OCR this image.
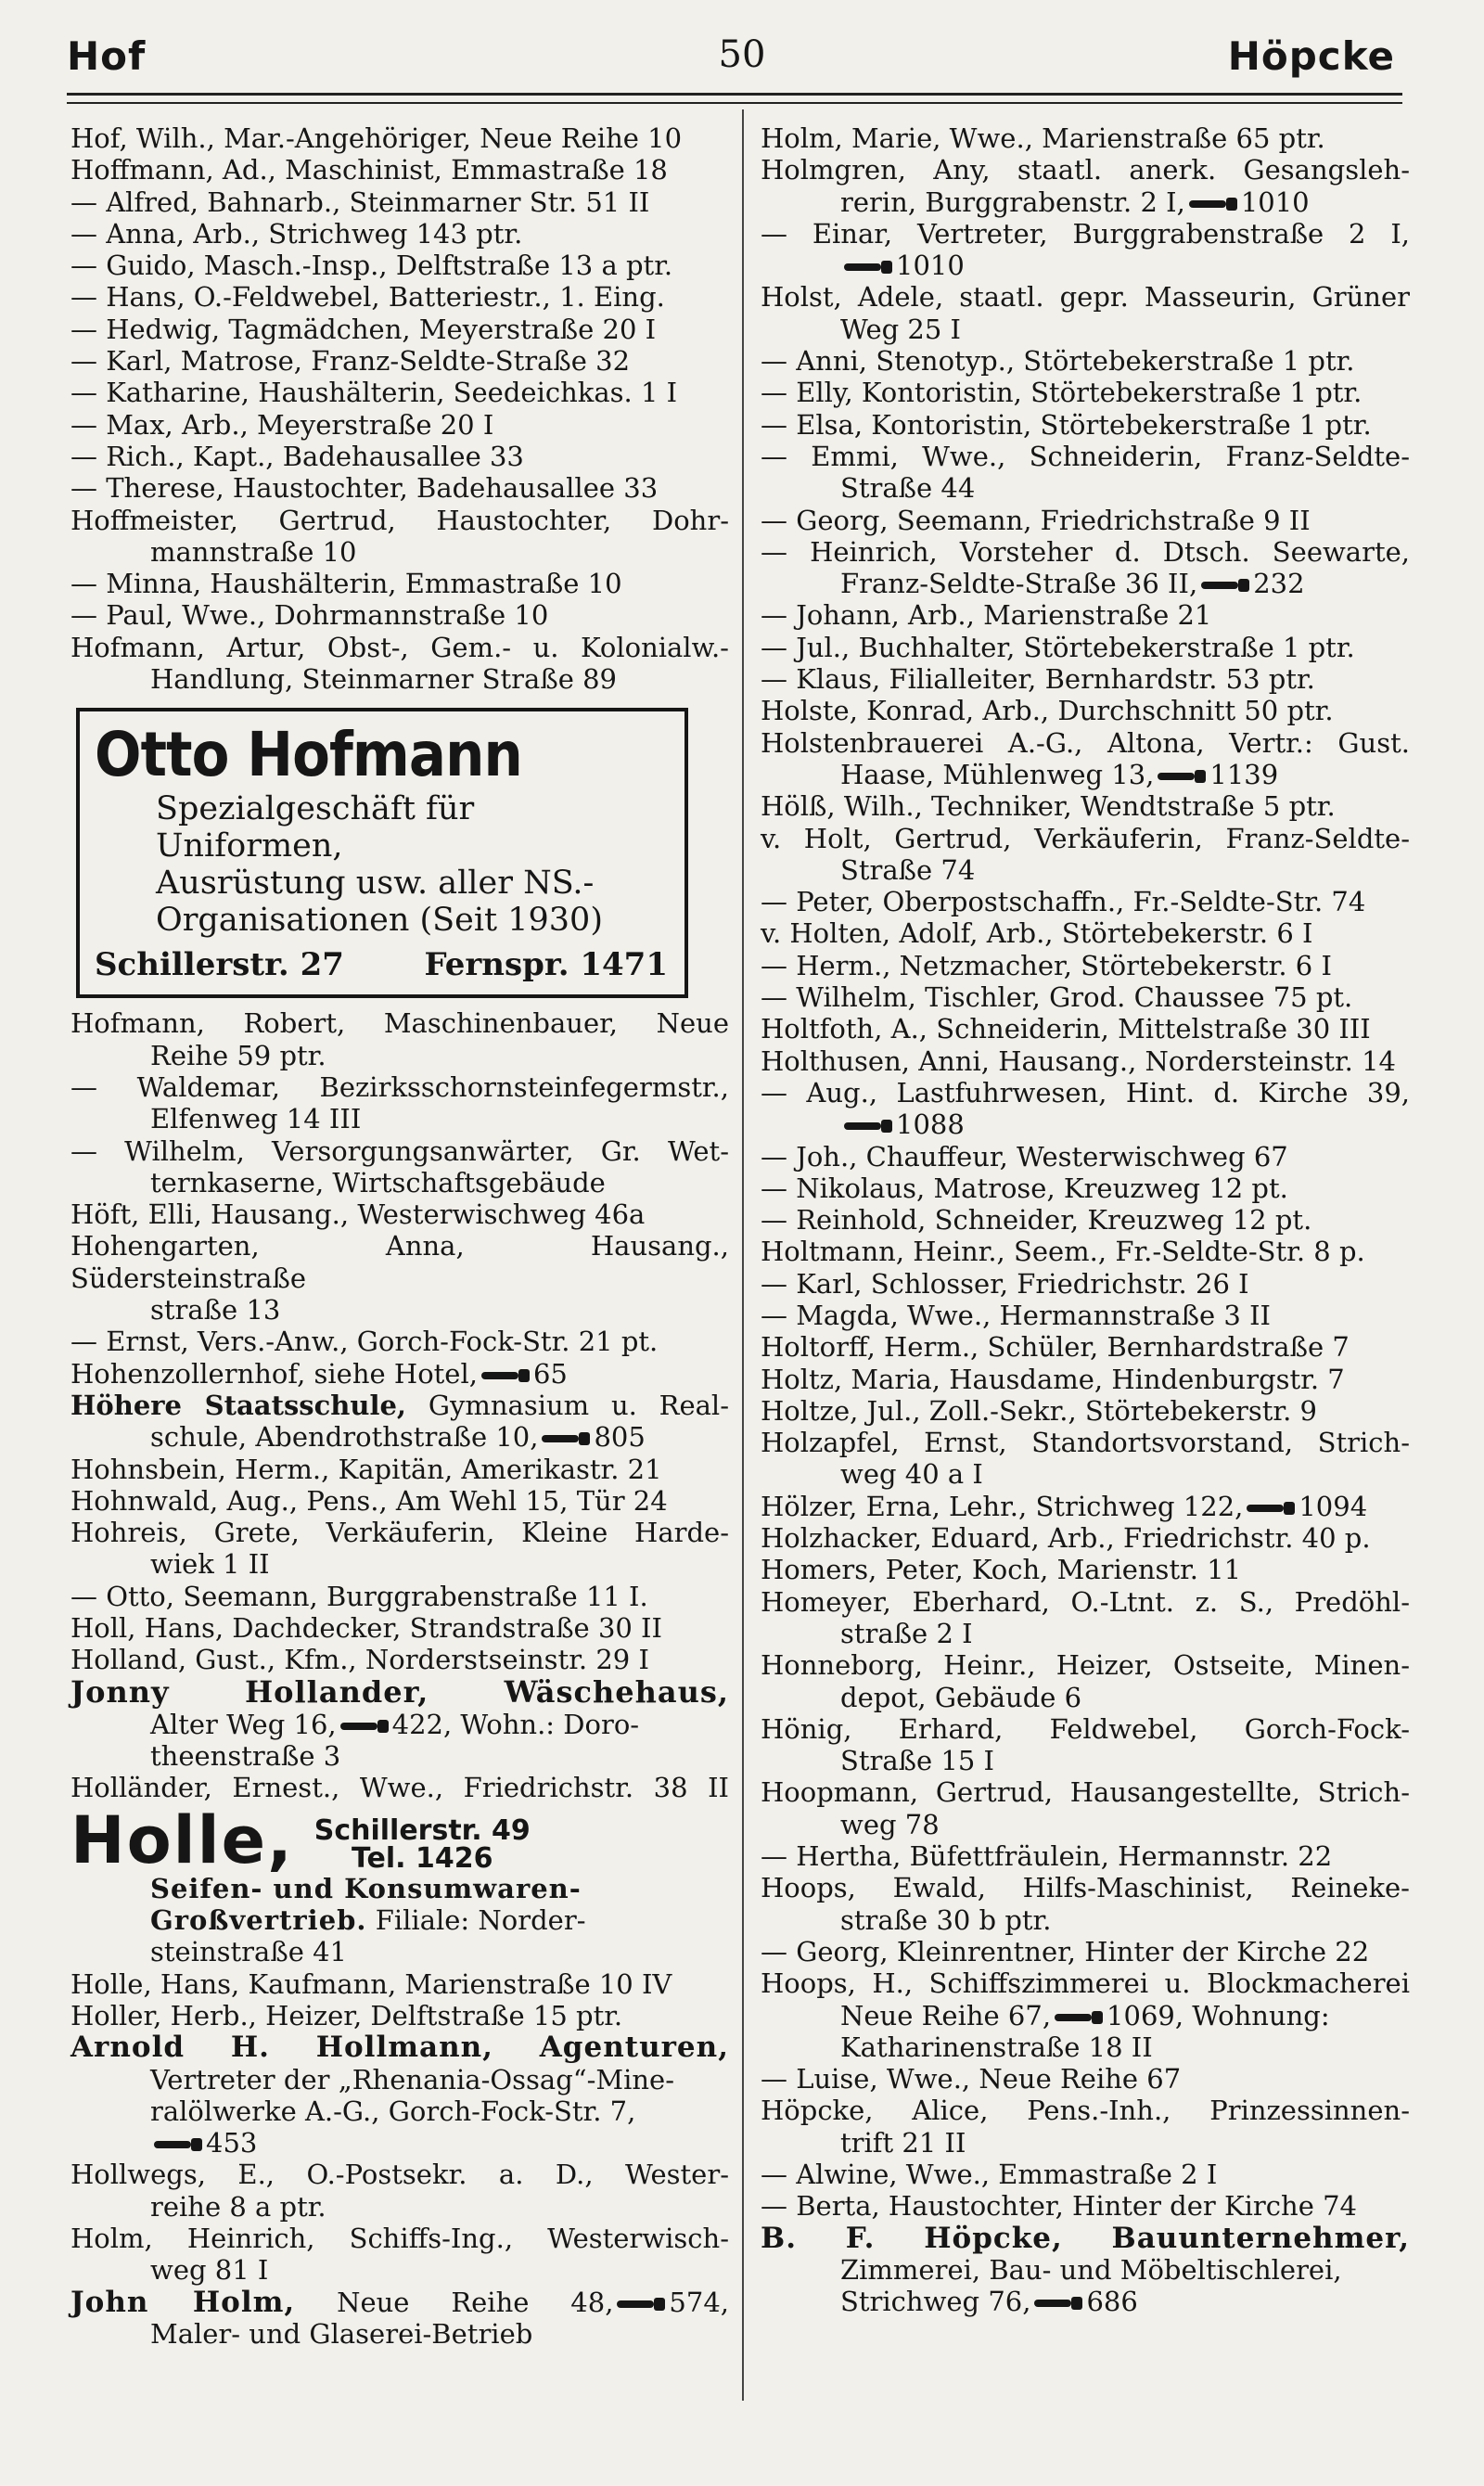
Hof	50	Höpcke
Hof, Wilh., Mar.-Angehöriger, Neue Reihe 10
Hoffmann, Ad., Maschinist, Emmastraße 18
— Alfred, Bahnarb., Steinmarner Str. 51 II
— Anna, Arb., Strichweg 143 ptr.
— Guido, Masch.-Insp., Delftstraße 13 a ptr.
— Hans, O.-Feldwebel, Batteriestr., 1. Eing.
— Hedwig, Tagmädchen, Meyerstraße 20 I
— Karl, Matrose, Franz-Seldte-Straße 32
— Katharine, Haushälterin, Seedeichkas. 1 I
— Max, Arb., Meyerstraße 20 I
— Rich., Kapt., Badehausallee 33
— Therese, Haustochter, Badehausallee 33
Hoffmeister, Gertrud, Haustochter, Dohr-
mannstraße 10
— Minna, Haushälterin, Emmastraße 10
— Paul, Wwe., Dohrmannstraße 10
Hofmann, Artur, Obst-, Gem.- u. Kolonialw.-
Handlung, Steinmarner Straße 89
Otto Hofmann
Spezialgeschäft für Uniformen,
Ausrüstung usw. aller NS.-
Organisationen (Seit 1930)
Schillerstr. 27	Fernspr. 1471
Hofmann, Robert, Maschinenbauer, Neue
Reihe 59 ptr.
— Waldemar, Bezirksschornsteinfegermstr.,
Elfenweg 14 III
— Wilhelm, Versorgungsanwärter, Gr. Wet-
ternkaserne, Wirtschaftsgebäude
Höft, Elli, Hausang., Westerwischweg 46a
Hohengarten, Anna, Hausang., Südersteinstraße
straße 13
— Ernst, Vers.-Anw., Gorch-Fock-Str. 21 pt.
Hohenzollernhof, siehe Hotel, 65
Höhere Staatsschule, Gymnasium u. Real-
schule, Abendrothstraße 10, 805
Hohnsbein, Herm., Kapitän, Amerikastr. 21
Hohnwald, Aug., Pens., Am Wehl 15, Tür 24
Hohreis, Grete, Verkäuferin, Kleine Harde-
wiek 1 II
— Otto, Seemann, Burggrabenstraße 11 I.
Holl, Hans, Dachdecker, Strandstraße 30 II
Holland, Gust., Kfm., Norderstseinstr. 29 I
Jonny Hollander, Wäschehaus,
Alter Weg 16, 422, Wohn.: Doro-
theenstraße 3
Holländer, Ernest., Wwe., Friedrichstr. 38 II
Holle, Schillerstr. 49
Tel. 1426
Seifen- und Konsumwaren-
Großvertrieb. Filiale: Norder-
steinstraße 41
Holle, Hans, Kaufmann, Marienstraße 10 IV
Holler, Herb., Heizer, Delftstraße 15 ptr.
Arnold H. Hollmann, Agenturen,
Vertreter der „Rhenania-Ossag“-Mine-
ralölwerke A.-G., Gorch-Fock-Str. 7,
453
Hollwegs, E., O.-Postsekr. a. D., Wester-
reihe 8 a ptr.
Holm, Heinrich, Schiffs-Ing., Westerwisch-
weg 81 I
John Holm, Neue Reihe 48, 574,
Maler- und Glaserei-Betrieb
Holm, Marie, Wwe., Marienstraße 65 ptr.
Holmgren, Any, staatl. anerk. Gesangsleh-
rerin, Burggrabenstr. 2 I, 1010
— Einar, Vertreter, Burggrabenstraße 2 I,
1010
Holst, Adele, staatl. gepr. Masseurin, Grüner
Weg 25 I
— Anni, Stenotyp., Störtebekerstraße 1 ptr.
— Elly, Kontoristin, Störtebekerstraße 1 ptr.
— Elsa, Kontoristin, Störtebekerstraße 1 ptr.
— Emmi, Wwe., Schneiderin, Franz-Seldte-
Straße 44
— Georg, Seemann, Friedrichstraße 9 II
— Heinrich, Vorsteher d. Dtsch. Seewarte,
Franz-Seldte-Straße 36 II, 232
— Johann, Arb., Marienstraße 21
— Jul., Buchhalter, Störtebekerstraße 1 ptr.
— Klaus, Filialleiter, Bernhardstr. 53 ptr.
Holste, Konrad, Arb., Durchschnitt 50 ptr.
Holstenbrauerei A.-G., Altona, Vertr.: Gust.
Haase, Mühlenweg 13, 1139
Hölß, Wilh., Techniker, Wendtstraße 5 ptr.
v. Holt, Gertrud, Verkäuferin, Franz-Seldte-
Straße 74
— Peter, Oberpostschaffn., Fr.-Seldte-Str. 74
v. Holten, Adolf, Arb., Störtebekerstr. 6 I
— Herm., Netzmacher, Störtebekerstr. 6 I
— Wilhelm, Tischler, Grod. Chaussee 75 pt.
Holtfoth, A., Schneiderin, Mittelstraße 30 III
Holthusen, Anni, Hausang., Nordersteinstr. 14
— Aug., Lastfuhrwesen, Hint. d. Kirche 39,
1088
— Joh., Chauffeur, Westerwischweg 67
— Nikolaus, Matrose, Kreuzweg 12 pt.
— Reinhold, Schneider, Kreuzweg 12 pt.
Holtmann, Heinr., Seem., Fr.-Seldte-Str. 8 p.
— Karl, Schlosser, Friedrichstr. 26 I
— Magda, Wwe., Hermannstraße 3 II
Holtorff, Herm., Schüler, Bernhardstraße 7
Holtz, Maria, Hausdame, Hindenburgstr. 7
Holtze, Jul., Zoll.-Sekr., Störtebekerstr. 9
Holzapfel, Ernst, Standortsvorstand, Strich-
weg 40 a I
Hölzer, Erna, Lehr., Strichweg 122, 1094
Holzhacker, Eduard, Arb., Friedrichstr. 40 p.
Homers, Peter, Koch, Marienstr. 11
Homeyer, Eberhard, O.-Ltnt. z. S., Predöhl-
straße 2 I
Honneborg, Heinr., Heizer, Ostseite, Minen-
depot, Gebäude 6
Hönig, Erhard, Feldwebel, Gorch-Fock-
Straße 15 I
Hoopmann, Gertrud, Hausangestellte, Strich-
weg 78
— Hertha, Büfettfräulein, Hermannstr. 22
Hoops, Ewald, Hilfs-Maschinist, Reineke-
straße 30 b ptr.
— Georg, Kleinrentner, Hinter der Kirche 22
Hoops, H., Schiffszimmerei u. Blockmacherei
Neue Reihe 67, 1069, Wohnung:
Katharinenstraße 18 II
— Luise, Wwe., Neue Reihe 67
Höpcke, Alice, Pens.-Inh., Prinzessinnen-
trift 21 II
— Alwine, Wwe., Emmastraße 2 I
— Berta, Haustochter, Hinter der Kirche 74
B. F. Höpcke, Bauunternehmer,
Zimmerei, Bau- und Möbeltischlerei,
Strichweg 76, 686
